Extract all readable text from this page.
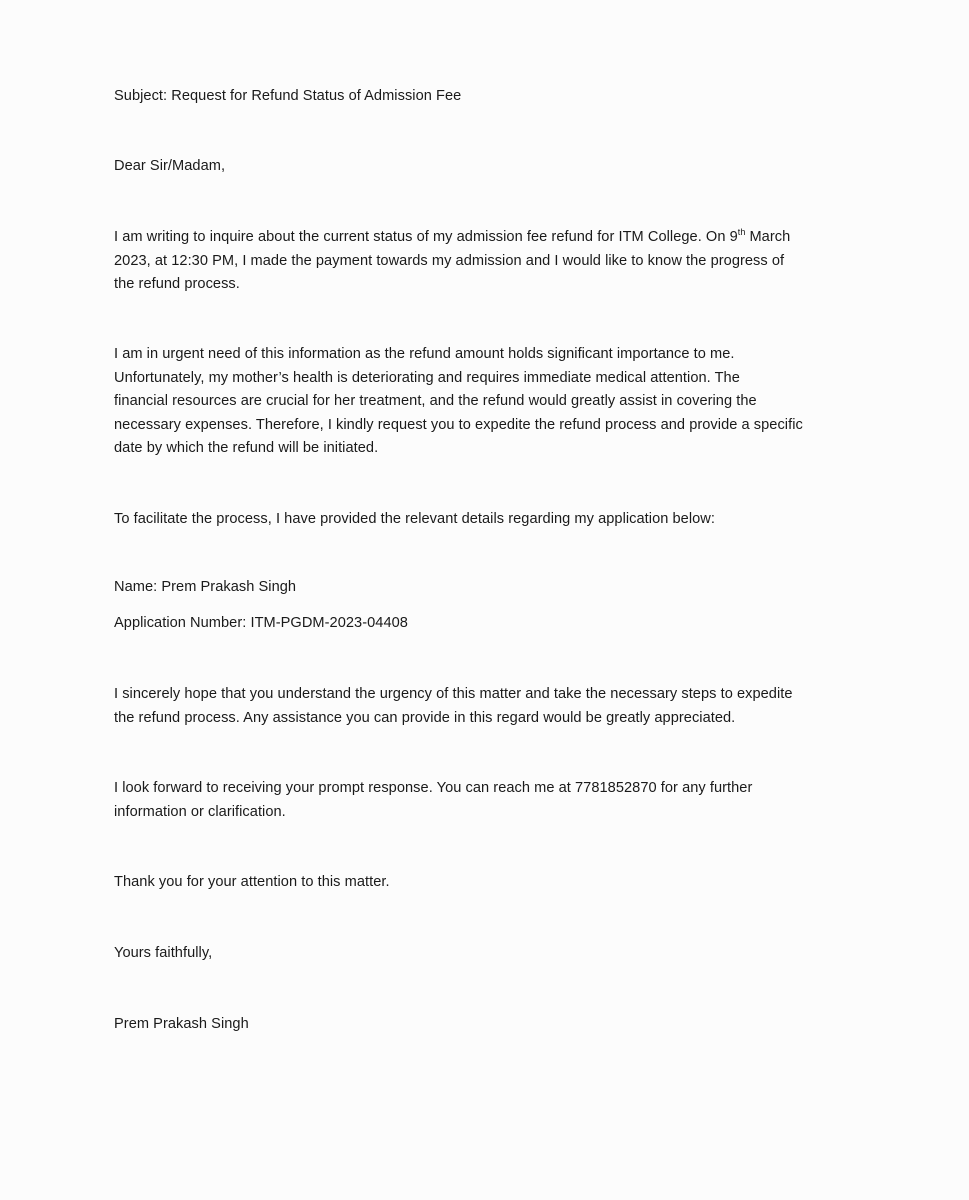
Subject: Request for Refund Status of Admission Fee
Dear Sir/Madam,

I am writing to inquire about the current status of my admission fee refund for ITM College. On 9th March

2023, at 12:30 PM, I made the payment towards my admission and I would like to know the progress of

the refund process.

I am in urgent need of this information as the refund amount holds significant importance to me.

Unfortunately, my mother’s health is deteriorating and requires immediate medical attention. The

financial resources are crucial for her treatment, and the refund would greatly assist in covering the

necessary expenses. Therefore, I kindly request you to expedite the refund process and provide a specific

date by which the refund will be initiated.

To facilitate the process, I have provided the relevant details regarding my application below:
Name: Prem Prakash Singh
Application Number: ITM-PGDM-2023-04408

I sincerely hope that you understand the urgency of this matter and take the necessary steps to expedite

the refund process. Any assistance you can provide in this regard would be greatly appreciated.

I look forward to receiving your prompt response. You can reach me at 7781852870 for any further

information or clarification.

Thank you for your attention to this matter.
Yours faithfully,
Prem Prakash Singh
